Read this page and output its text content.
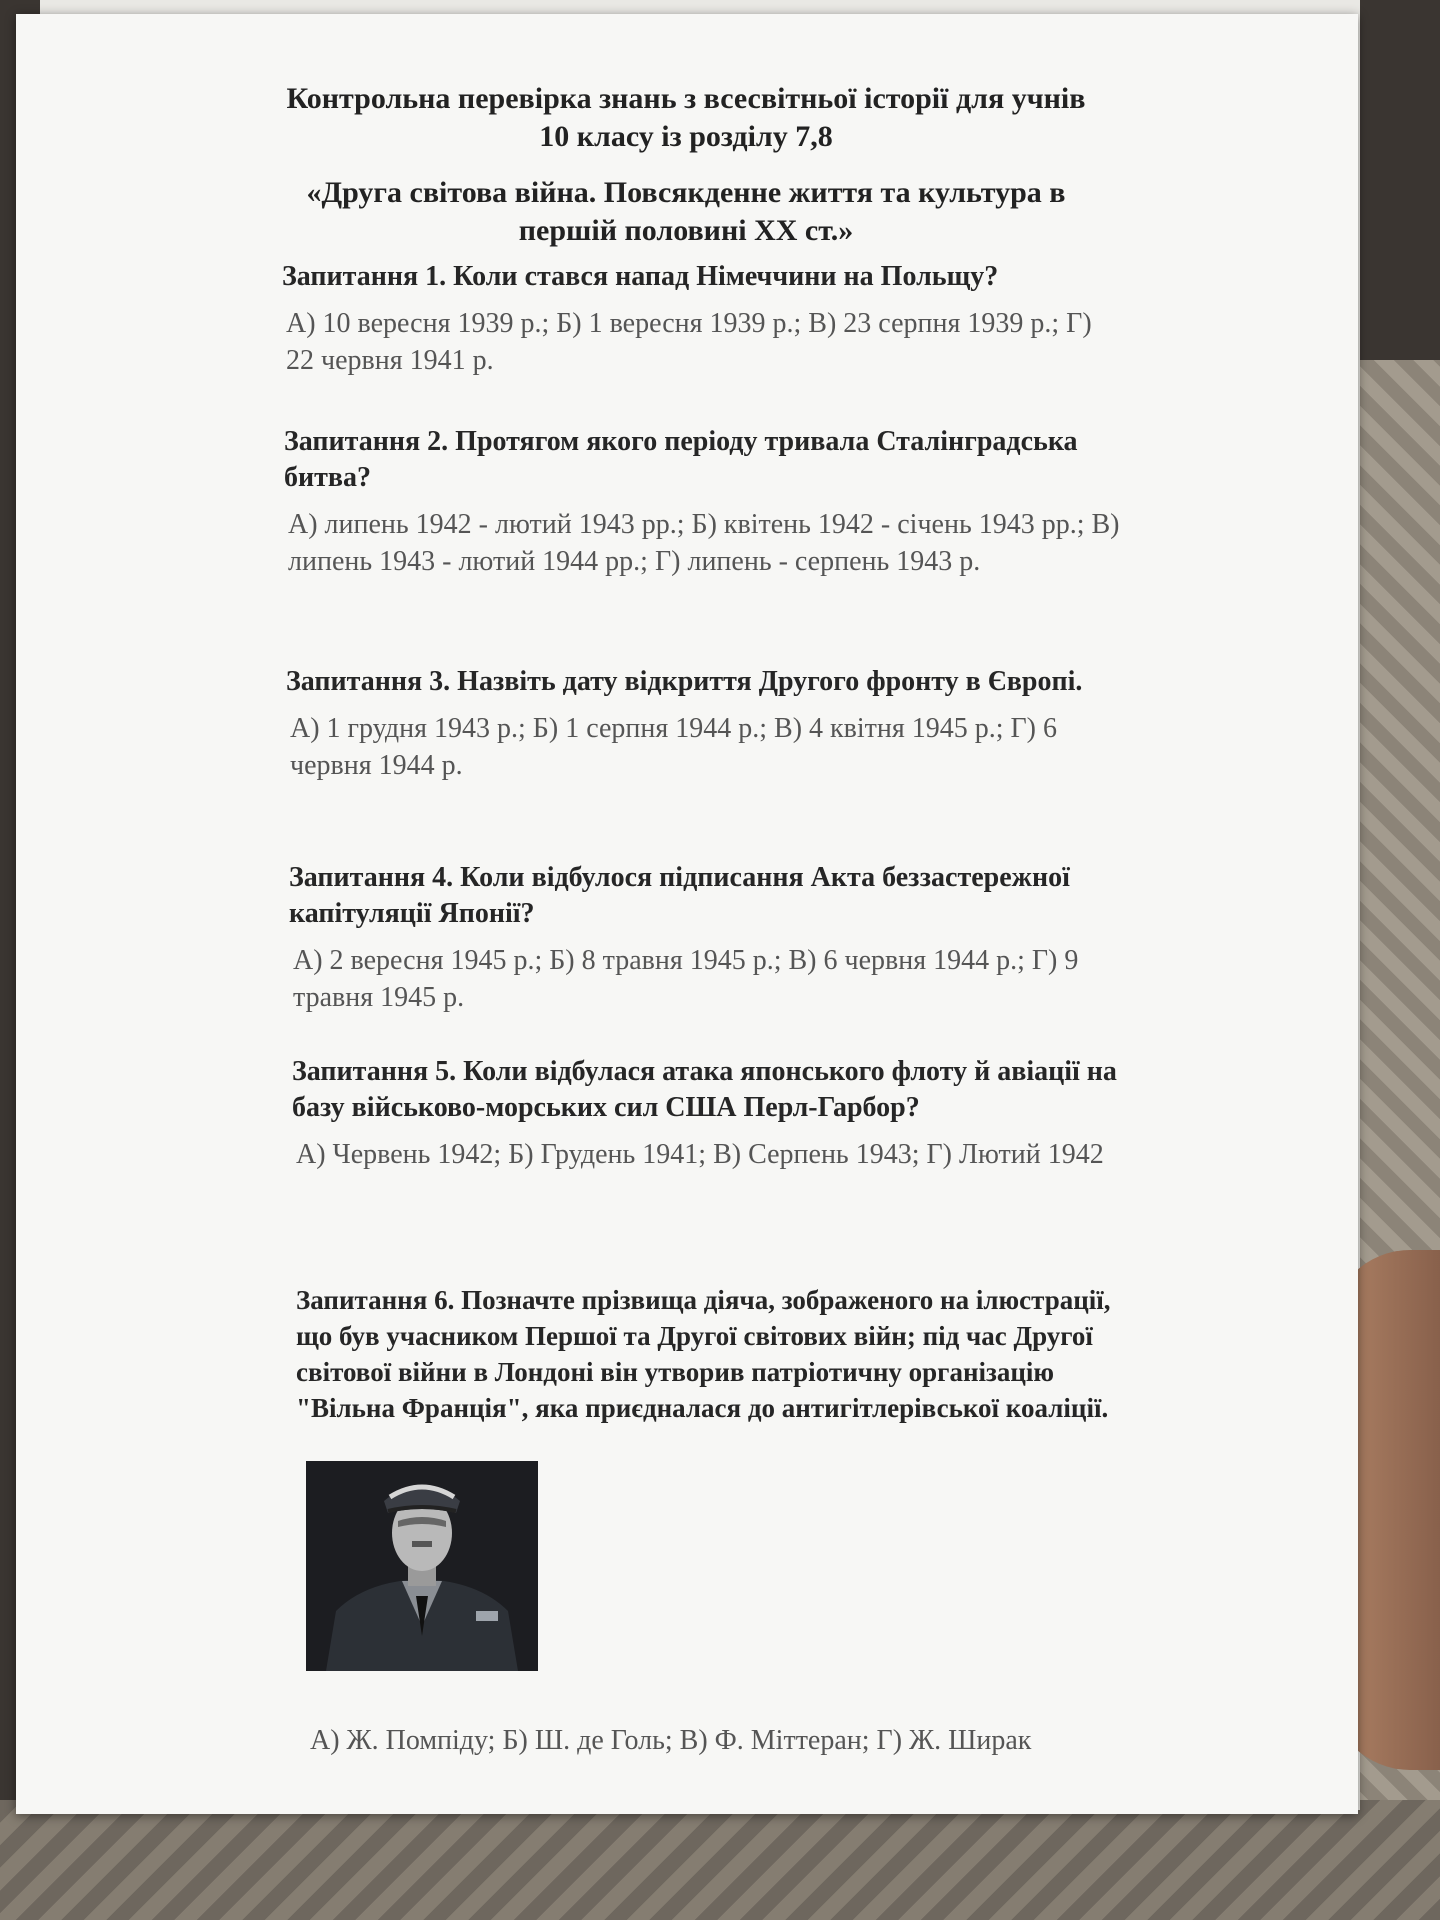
Контрольна перевірка знань з всесвітньої історії для учнів
10 класу із розділу 7,8
«Друга світова війна. Повсякденне життя та культура в
першій половині ХХ ст.»
Запитання 1. Коли стався напад Німеччини на Польщу?
А) 10 вересня 1939 р.; Б) 1 вересня 1939 р.; В) 23 серпня 1939 р.; Г) 22 червня 1941 р.
Запитання 2. Протягом якого періоду тривала Сталінградська битва?
А) липень 1942 - лютий 1943 рр.; Б) квітень 1942 - січень 1943 рр.; В) липень 1943 - лютий 1944 рр.; Г) липень - серпень 1943 р.
Запитання 3. Назвіть дату відкриття Другого фронту в Європі.
А) 1 грудня 1943 р.; Б) 1 серпня 1944 р.; В) 4 квітня 1945 р.; Г) 6 червня 1944 р.
Запитання 4. Коли відбулося підписання Акта беззастережної капітуляції Японії?
А) 2 вересня 1945 р.; Б) 8 травня 1945 р.; В) 6 червня 1944 р.; Г) 9 травня 1945 р.
Запитання 5. Коли відбулася атака японського флоту й авіації на базу військово-морських сил США Перл-Гарбор?
А) Червень 1942; Б) Грудень 1941; В) Серпень 1943; Г) Лютий 1942
Запитання 6. Позначте прізвища діяча, зображеного на ілюстрації, що був учасником Першої та Другої світових війн; під час Другої світової війни в Лондоні він утворив патріотичну організацію "Вільна Франція", яка приєдналася до антигітлерівської коаліції.
А) Ж. Помпіду; Б) Ш. де Голь; В) Ф. Міттеран; Г) Ж. Ширак
